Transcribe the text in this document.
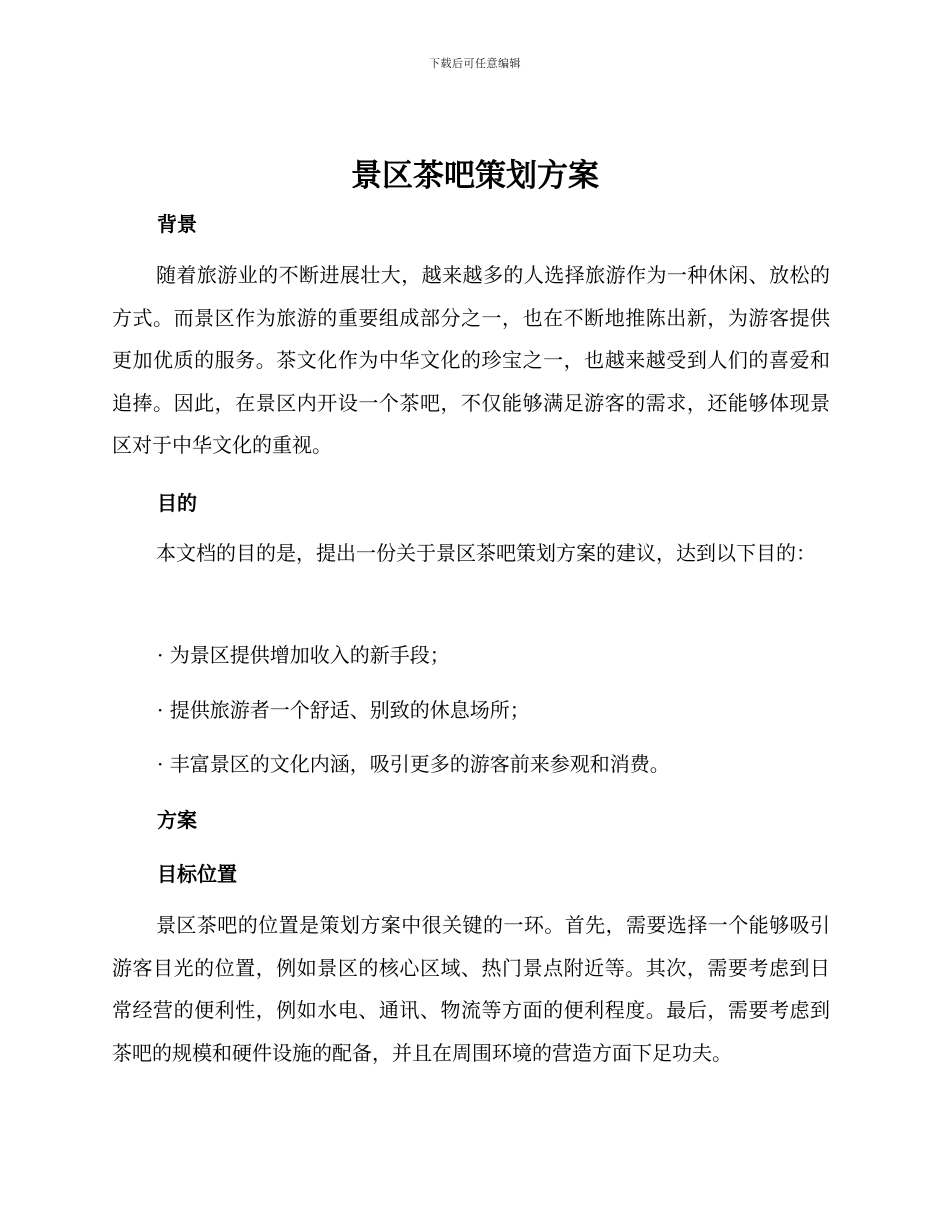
下载后可任意编辑
景区茶吧策划方案
背景

随着旅游业的不断进展壮大，越来越多的人选择旅游作为一种休闲、放松的方式。而景区作为旅游的重要组成部分之一，也在不断地推陈出新，为游客提供更加优质的服务。茶文化作为中华文化的珍宝之一，也越来越受到人们的喜爱和追捧。因此，在景区内开设一个茶吧，不仅能够满足游客的需求，还能够体现景区对于中华文化的重视。

目的

本文档的目的是，提出一份关于景区茶吧策划方案的建议，达到以下目的：

· 为景区提供增加收入的新手段；

· 提供旅游者一个舒适、别致的休息场所；

· 丰富景区的文化内涵，吸引更多的游客前来参观和消费。

方案
目标位置

景区茶吧的位置是策划方案中很关键的一环。首先，需要选择一个能够吸引游客目光的位置，例如景区的核心区域、热门景点附近等。其次，需要考虑到日常经营的便利性，例如水电、通讯、物流等方面的便利程度。最后，需要考虑到茶吧的规模和硬件设施的配备，并且在周围环境的营造方面下足功夫。
